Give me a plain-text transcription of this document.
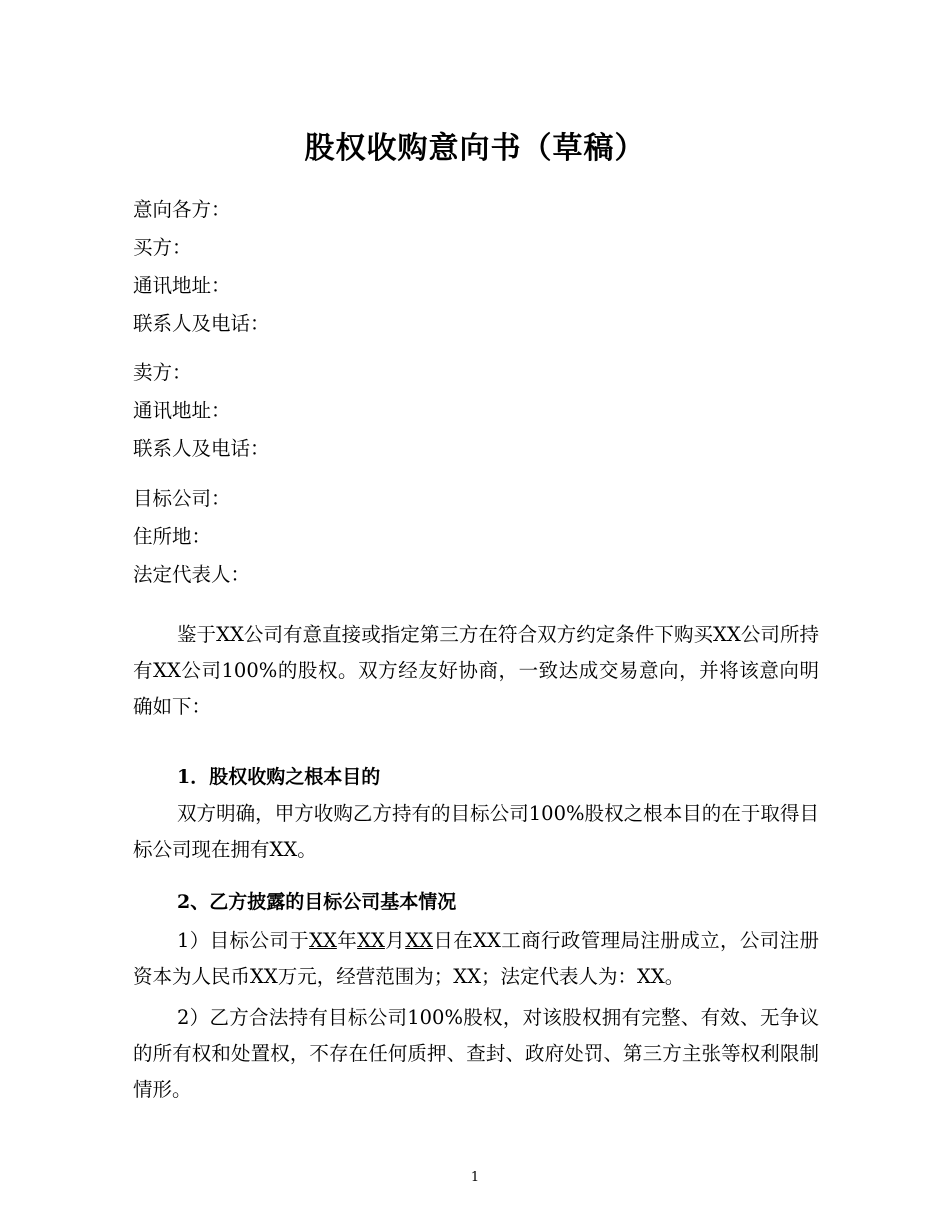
股权收购意向书（草稿）
意向各方：
买方：
通讯地址：
联系人及电话：
卖方：
通讯地址：
联系人及电话：
目标公司：
住所地：
法定代表人：
鉴于XX公司有意直接或指定第三方在符合双方约定条件下购买XX公司所持有XX公司100%的股权。双方经友好协商，一致达成交易意向，并将该意向明确如下：
1．股权收购之根本目的
双方明确，甲方收购乙方持有的目标公司100%股权之根本目的在于取得目标公司现在拥有XX。
2、乙方披露的目标公司基本情况
1）目标公司于XX年XX月XX日在XX工商行政管理局注册成立，公司注册资本为人民币XX万元，经营范围为；XX；法定代表人为：XX。
2）乙方合法持有目标公司100%股权，对该股权拥有完整、有效、无争议的所有权和处置权，不存在任何质押、查封、政府处罚、第三方主张等权利限制情形。
1
